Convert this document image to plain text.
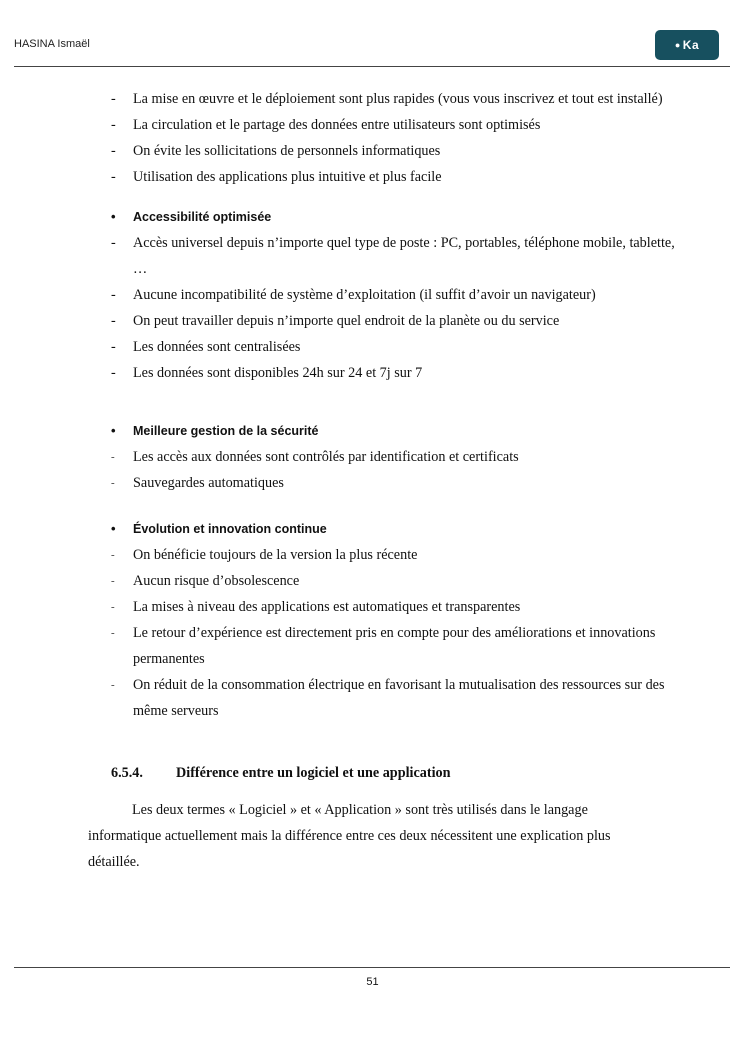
HASINA Ismaël	● Ka
- La mise en œuvre et le déploiement sont plus rapides (vous vous inscrivez et tout est installé)
- La circulation et le partage des données entre utilisateurs sont optimisés
- On évite les sollicitations de personnels informatiques
- Utilisation des applications plus intuitive et plus facile
• Accessibilité optimisée
- Accès universel depuis n’importe quel type de poste : PC, portables, téléphone mobile, tablette, …
- Aucune incompatibilité de système d’exploitation (il suffit d’avoir un navigateur)
- On peut travailler depuis n’importe quel endroit de la planète ou du service
- Les données sont centralisées
- Les données sont disponibles 24h sur 24 et 7j sur 7
• Meilleure gestion de la sécurité
- Les accès aux données sont contrôlés par identification et certificats
- Sauvegardes automatiques
• Évolution et innovation continue
- On bénéficie toujours de la version la plus récente
- Aucun risque d’obsolescence
- La mises à niveau des applications est automatiques et transparentes
- Le retour d’expérience est directement pris en compte pour des améliorations et innovations permanentes
- On réduit de la consommation électrique en favorisant la mutualisation des ressources sur des même serveurs
6.5.4. Différence entre un logiciel et une application

Les deux termes « Logiciel » et « Application » sont très utilisés dans le langage informatique actuellement mais la différence entre ces deux nécessitent une explication plus détaillée.

51
